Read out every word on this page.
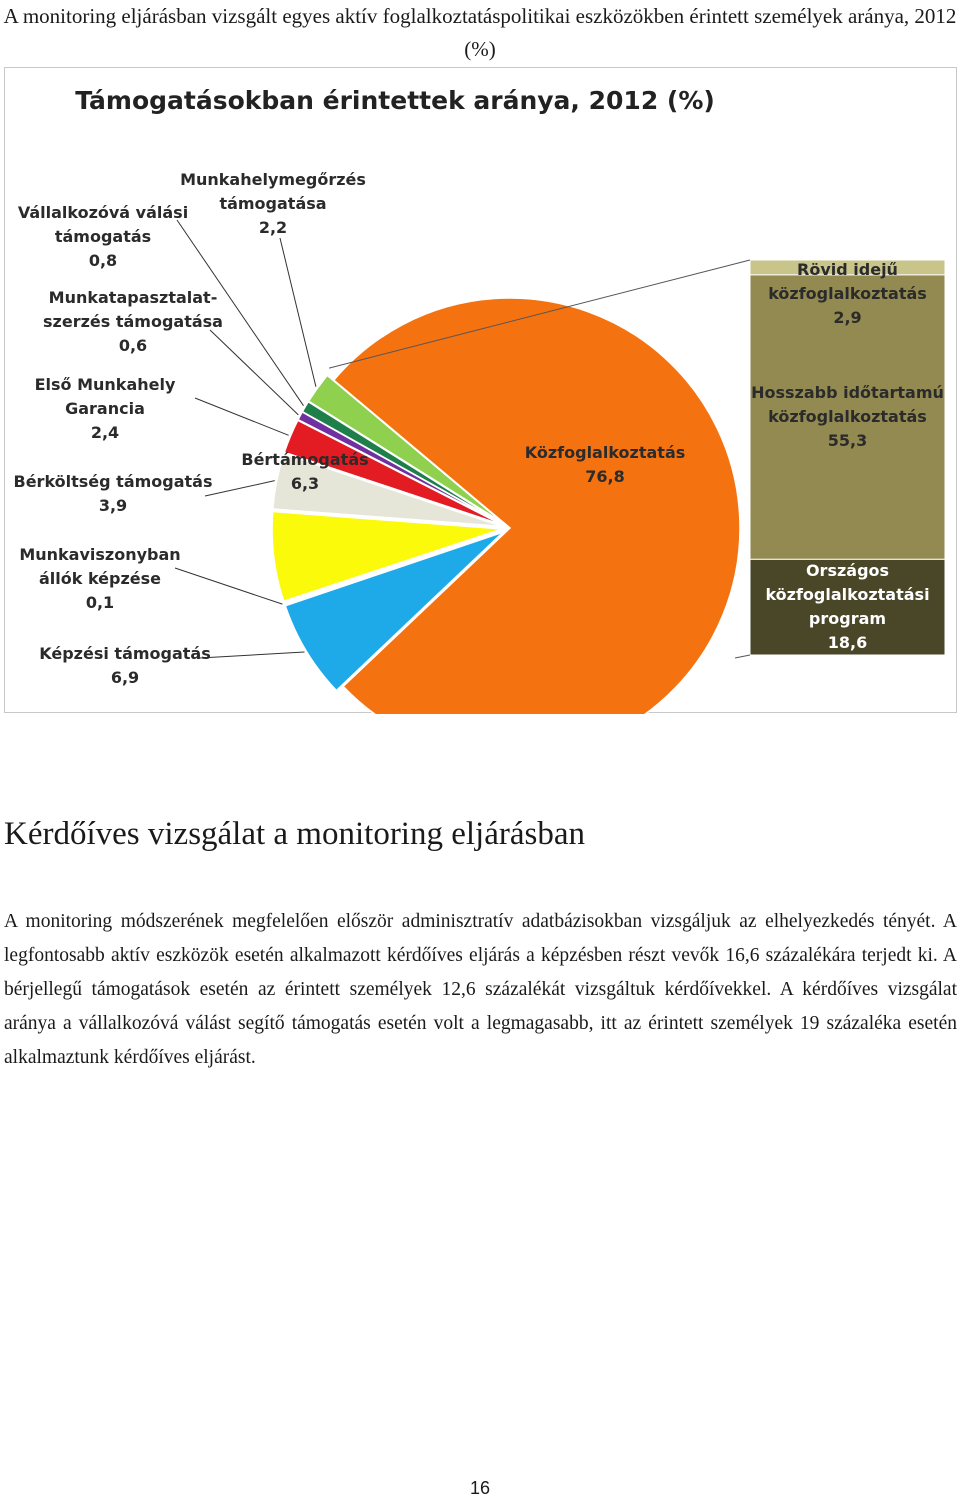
A monitoring eljárásban vizsgált egyes aktív foglalkoztatáspolitikai eszközökben érintett személyek aránya, 2012 (%)
Támogatásokban érintettek aránya, 2012 (%)
Közfoglalkoztatás
76,8
Képzési támogatás
6,9
Munkaviszonyban
állók képzése
0,1
Bértámogatás
6,3
Bérköltség támogatás
3,9
Első Munkahely
Garancia
2,4
Munkatapasztalat-
szerzés támogatása
0,6
Vállalkozóvá válási
támogatás
0,8
Munkahelymegőrzés
támogatása
2,2
Rövid idejű
közfoglalkoztatás
2,9
Hosszabb időtartamú
közfoglalkoztatás
55,3
Országos
közfoglalkoztatási
program
18,6
Kérdőíves vizsgálat a monitoring eljárásban

A monitoring módszerének megfelelően először adminisztratív adatbázisokban vizsgáljuk az elhelyezkedés tényét. A legfontosabb aktív eszközök esetén alkalmazott kérdőíves eljárás a képzésben részt vevők 16,6 százalékára terjedt ki. A bérjellegű támogatások esetén az érintett személyek 12,6 százalékát vizsgáltuk kérdőívekkel. A kérdőíves vizsgálat aránya a vállalkozóvá válást segítő támogatás esetén volt a legmagasabb, itt az érintett személyek 19 százaléka esetén alkalmaztunk kérdőíves eljárást.

16
